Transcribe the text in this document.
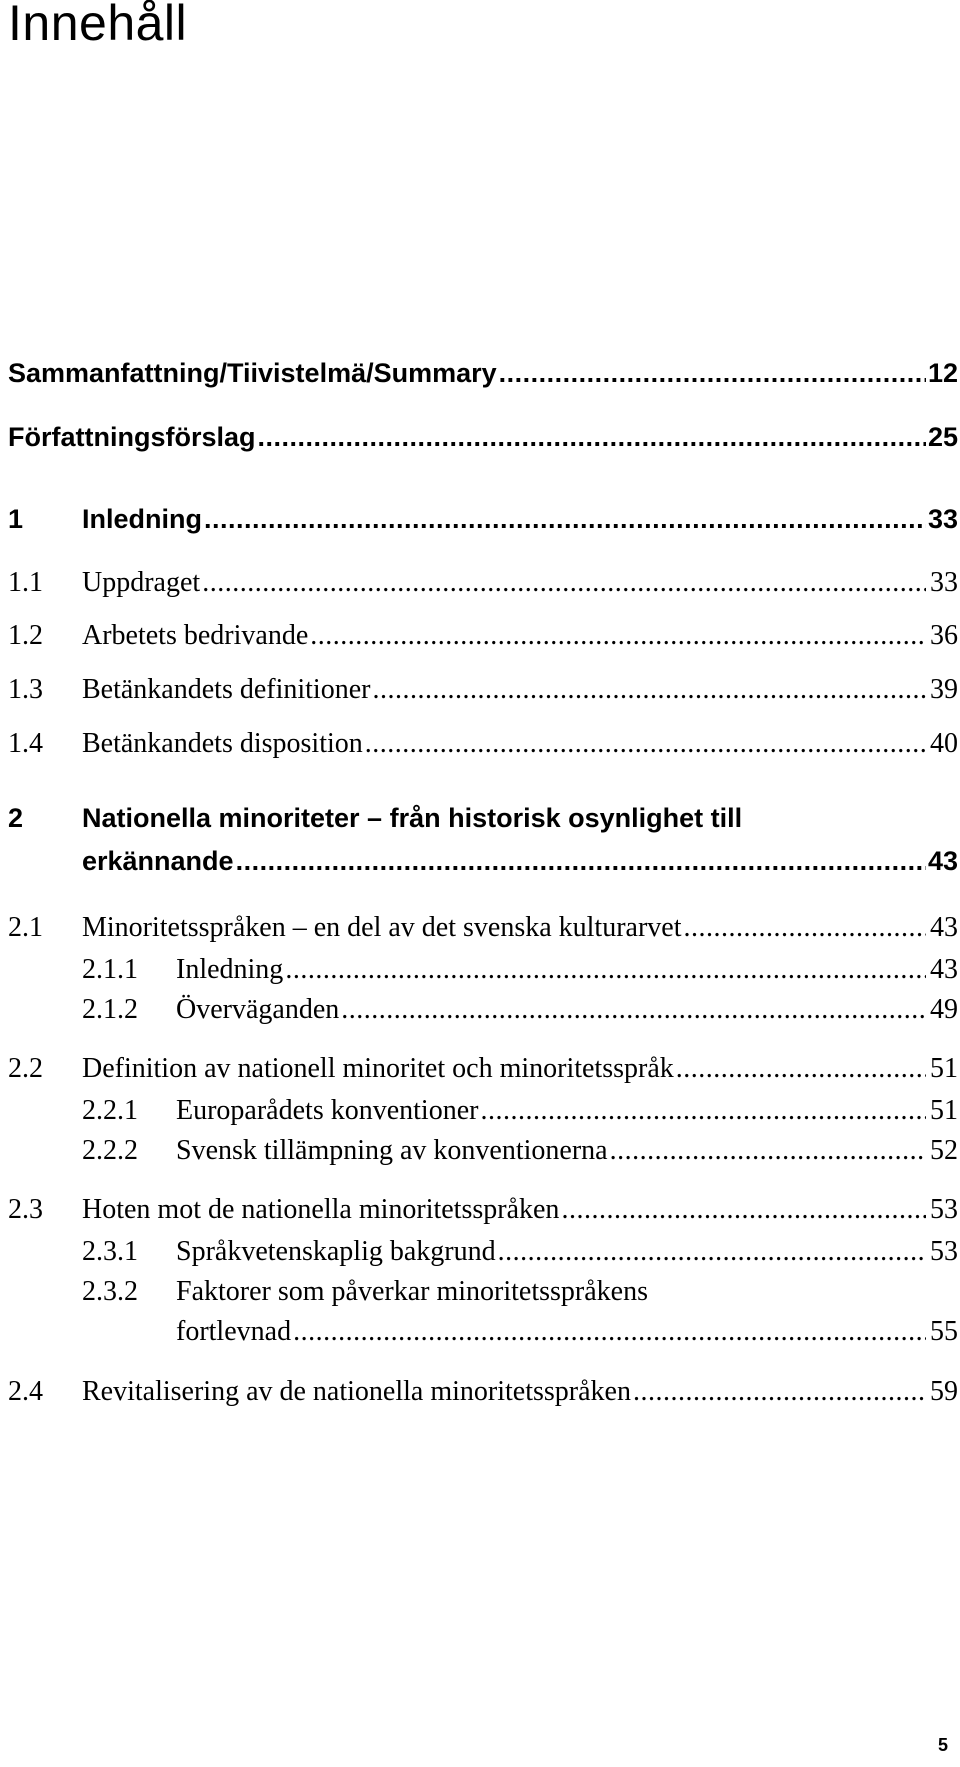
Innehåll
Sammanfattning/Tiivistelmä/Summary .....	12
Författningsförslag .....	25
1	Inledning .....	33
1.1	Uppdraget .....	33
1.2	Arbetets bedrivande .....	36
1.3	Betänkandets definitioner .....	39
1.4	Betänkandets disposition .....	40
2	Nationella minoriteter – från historisk osynlighet till
erkännande .....	43
2.1	Minoritetsspråken – en del av det svenska kulturarvet .....	43
2.1.1	Inledning .....	43
2.1.2	Överväganden .....	49
2.2	Definition av nationell minoritet och minoritetsspråk .....	51
2.2.1	Europarådets konventioner .....	51
2.2.2	Svensk tillämpning av konventionerna .....	52
2.3	Hoten mot de nationella minoritetsspråken .....	53
2.3.1	Språkvetenskaplig bakgrund .....	53
2.3.2	Faktorer som påverkar minoritetsspråkens
fortlevnad .....	55
2.4	Revitalisering av de nationella minoritetsspråken .....	59
5
